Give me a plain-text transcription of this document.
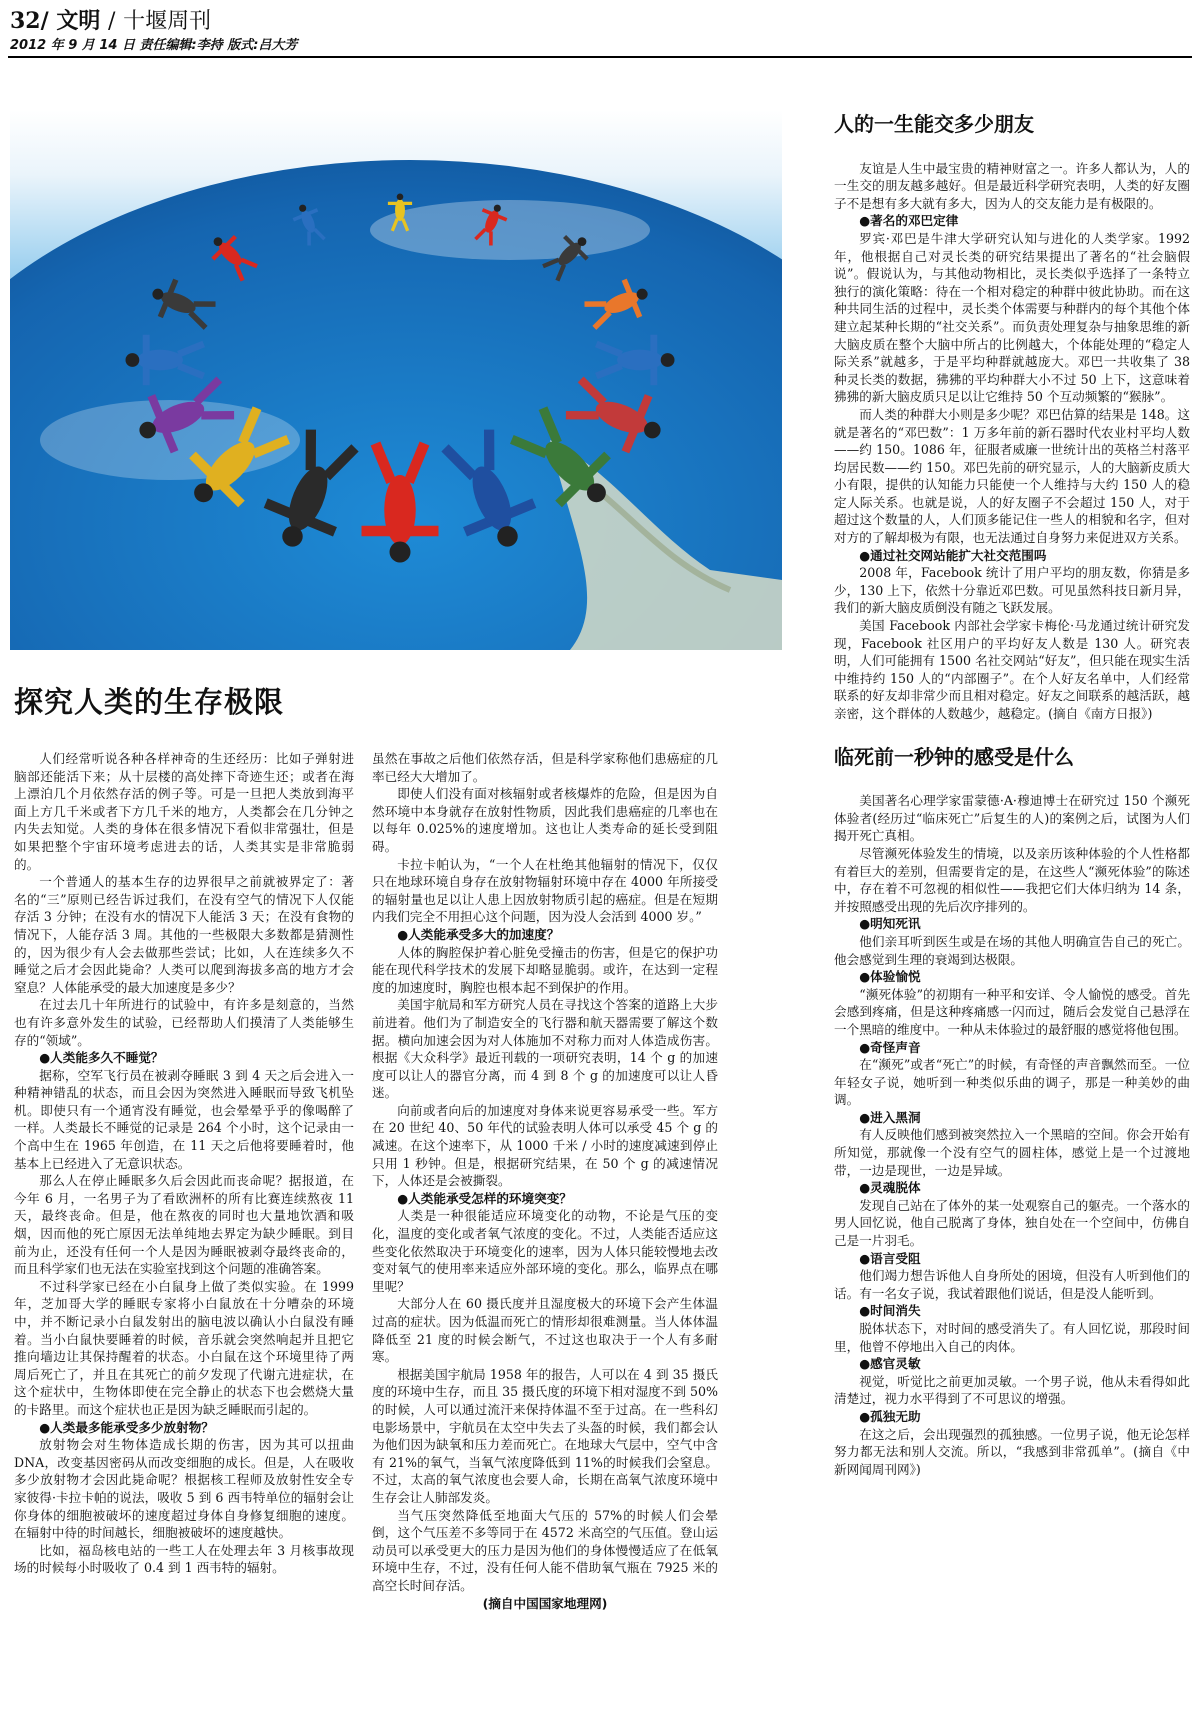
32/ 文明 / 十堰周刊
2012 年 9 月 14 日 责任编辑:李持 版式:吕大芳
探究人类的生存极限

人们经常听说各种各样神奇的生还经历：比如子弹射进脑部还能活下来；从十层楼的高处摔下奇迹生还；或者在海上漂泊几个月依然存活的例子等。可是一旦把人类放到海平面上方几千米或者下方几千米的地方，人类都会在几分钟之内失去知觉。人类的身体在很多情况下看似非常强壮，但是如果把整个宇宙环境考虑进去的话，人类其实是非常脆弱的。

一个普通人的基本生存的边界很早之前就被界定了：著名的“三”原则已经告诉过我们，在没有空气的情况下人仅能存活 3 分钟；在没有水的情况下人能活 3 天；在没有食物的情况下，人能存活 3 周。其他的一些极限大多数都是猜测性的，因为很少有人会去做那些尝试；比如，人在连续多久不睡觉之后才会因此毙命？人类可以爬到海拔多高的地方才会窒息？人体能承受的最大加速度是多少？

在过去几十年所进行的试验中，有许多是刻意的，当然也有许多意外发生的试验，已经帮助人们摸清了人类能够生存的“领域”。

●人类能多久不睡觉？

据称，空军飞行员在被剥夺睡眠 3 到 4 天之后会进入一种精神错乱的状态，而且会因为突然进入睡眠而导致飞机坠机。即使只有一个通宵没有睡觉，也会晕晕乎乎的像喝醉了一样。人类最长不睡觉的记录是 264 个小时，这个记录由一个高中生在 1965 年创造，在 11 天之后他将要睡着时，他基本上已经进入了无意识状态。

那么人在停止睡眠多久后会因此而丧命呢？据报道，在今年 6 月，一名男子为了看欧洲杯的所有比赛连续熬夜 11 天，最终丧命。但是，他在熬夜的同时也大量地饮酒和吸烟，因而他的死亡原因无法单纯地去界定为缺少睡眠。到目前为止，还没有任何一个人是因为睡眠被剥夺最终丧命的，而且科学家们也无法在实验室找到这个问题的准确答案。

不过科学家已经在小白鼠身上做了类似实验。在 1999 年，芝加哥大学的睡眠专家将小白鼠放在十分嘈杂的环境中，并不断记录小白鼠发射出的脑电波以确认小白鼠没有睡着。当小白鼠快要睡着的时候，音乐就会突然响起并且把它推向墙边让其保持醒着的状态。小白鼠在这个环境里待了两周后死亡了，并且在其死亡的前夕发现了代谢亢进症状，在这个症状中，生物体即使在完全静止的状态下也会燃烧大量的卡路里。而这个症状也正是因为缺乏睡眠而引起的。

●人类最多能承受多少放射物？

放射物会对生物体造成长期的伤害，因为其可以扭曲 DNA，改变基因密码从而改变细胞的成长。但是，人在吸收多少放射物才会因此毙命呢？根据核工程师及放射性安全专家彼得·卡拉卡帕的说法，吸收 5 到 6 西韦特单位的辐射会让你身体的细胞被破坏的速度超过身体自身修复细胞的速度。在辐射中待的时间越长，细胞被破坏的速度越快。

比如，福岛核电站的一些工人在处理去年 3 月核事故现场的时候每小时吸收了 0.4 到 1 西韦特的辐射。

虽然在事故之后他们依然存活，但是科学家称他们患癌症的几率已经大大增加了。

即使人们没有面对核辐射或者核爆炸的危险，但是因为自然环境中本身就存在放射性物质，因此我们患癌症的几率也在以每年 0.025%的速度增加。这也让人类寿命的延长受到阻碍。

卡拉卡帕认为，“一个人在杜绝其他辐射的情况下，仅仅只在地球环境自身存在放射物辐射环境中存在 4000 年所接受的辐射量也足以让人患上因放射物质引起的癌症。但是在短期内我们完全不用担心这个问题，因为没人会活到 4000 岁。”

●人类能承受多大的加速度？

人体的胸腔保护着心脏免受撞击的伤害，但是它的保护功能在现代科学技术的发展下却略显脆弱。或许，在达到一定程度的加速度时，胸腔也根本起不到保护的作用。

美国宇航局和军方研究人员在寻找这个答案的道路上大步前进着。他们为了制造安全的飞行器和航天器需要了解这个数据。横向加速会因为对人体施加不对称力而对人体造成伤害。根据《大众科学》最近刊载的一项研究表明，14 个 g 的加速度可以让人的器官分离，而 4 到 8 个 g 的加速度可以让人昏迷。

向前或者向后的加速度对身体来说更容易承受一些。军方在 20 世纪 40、50 年代的试验表明人体可以承受 45 个 g 的减速。在这个速率下，从 1000 千米 / 小时的速度减速到停止只用 1 秒钟。但是，根据研究结果，在 50 个 g 的减速情况下，人体还是会被撕裂。

●人类能承受怎样的环境突变？

人类是一种很能适应环境变化的动物，不论是气压的变化，温度的变化或者氧气浓度的变化。不过，人类能否适应这些变化依然取决于环境变化的速率，因为人体只能较慢地去改变对氧气的使用率来适应外部环境的变化。那么，临界点在哪里呢？

大部分人在 60 摄氏度并且湿度极大的环境下会产生体温过高的症状。因为低温而死亡的情形却很难测量。当人体体温降低至 21 度的时候会断气，不过这也取决于一个人有多耐寒。

根据美国宇航局 1958 年的报告，人可以在 4 到 35 摄氏度的环境中生存，而且 35 摄氏度的环境下相对湿度不到 50%的时候，人可以通过流汗来保持体温不至于过高。在一些科幻电影场景中，宇航员在太空中失去了头盔的时候，我们都会认为他们因为缺氧和压力差而死亡。在地球大气层中，空气中含有 21%的氧气，当氧气浓度降低到 11%的时候我们会窒息。不过，太高的氧气浓度也会要人命，长期在高氧气浓度环境中生存会让人肺部发炎。

当气压突然降低至地面大气压的 57%的时候人们会晕倒，这个气压差不多等同于在 4572 米高空的气压值。登山运动员可以承受更大的压力是因为他们的身体慢慢适应了在低氧环境中生存，不过，没有任何人能不借助氧气瓶在 7925 米的高空长时间存活。

(摘自中国国家地理网)

人的一生能交多少朋友

友谊是人生中最宝贵的精神财富之一。许多人都认为，人的一生交的朋友越多越好。但是最近科学研究表明，人类的好友圈子不是想有多大就有多大，因为人的交友能力是有极限的。

●著名的邓巴定律

罗宾·邓巴是牛津大学研究认知与进化的人类学家。1992 年，他根据自己对灵长类的研究结果提出了著名的“社会脑假说”。假说认为，与其他动物相比，灵长类似乎选择了一条特立独行的演化策略：待在一个相对稳定的种群中彼此协助。而在这种共同生活的过程中，灵长类个体需要与种群内的每个其他个体建立起某种长期的“社交关系”。而负责处理复杂与抽象思维的新大脑皮质在整个大脑中所占的比例越大，个体能处理的“稳定人际关系”就越多，于是平均种群就越庞大。邓巴一共收集了 38 种灵长类的数据，狒狒的平均种群大小不过 50 上下，这意味着狒狒的新大脑皮质只足以让它维持 50 个互动频繁的“猴脉”。

而人类的种群大小则是多少呢？邓巴估算的结果是 148。这就是著名的“邓巴数”：1 万多年前的新石器时代农业村平均人数——约 150。1086 年，征服者威廉一世统计出的英格兰村落平均居民数——约 150。邓巴先前的研究显示，人的大脑新皮质大小有限，提供的认知能力只能使一个人维持与大约 150 人的稳定人际关系。也就是说，人的好友圈子不会超过 150 人，对于超过这个数量的人，人们顶多能记住一些人的相貌和名字，但对对方的了解却极为有限，也无法通过自身努力来促进双方关系。

●通过社交网站能扩大社交范围吗

2008 年，Facebook 统计了用户平均的朋友数，你猜是多少，130 上下，依然十分靠近邓巴数。可见虽然科技日新月异，我们的新大脑皮质倒没有随之飞跃发展。

美国 Facebook 内部社会学家卡梅伦·马龙通过统计研究发现，Facebook 社区用户的平均好友人数是 130 人。研究表明，人们可能拥有 1500 名社交网站“好友”，但只能在现实生活中维持约 150 人的“内部圈子”。在个人好友名单中，人们经常联系的好友却非常少而且相对稳定。好友之间联系的越活跃，越亲密，这个群体的人数越少，越稳定。(摘自《南方日报》)

临死前一秒钟的感受是什么

美国著名心理学家雷蒙德·A·穆迪博士在研究过 150 个濒死体验者(经历过“临床死亡”后复生的人)的案例之后，试图为人们揭开死亡真相。

尽管濒死体验发生的情境，以及亲历该种体验的个人性格都有着巨大的差别，但需要肯定的是，在这些人“濒死体验”的陈述中，存在着不可忽视的相似性——我把它们大体归纳为 14 条，并按照感受出现的先后次序排列的。

●明知死讯

他们亲耳听到医生或是在场的其他人明确宣告自己的死亡。他会感觉到生理的衰竭到达极限。

●体验愉悦

“濒死体验”的初期有一种平和安详、令人愉悦的感受。首先会感到疼痛，但是这种疼痛感一闪而过，随后会发觉自己悬浮在一个黑暗的维度中。一种从未体验过的最舒服的感觉将他包围。

●奇怪声音

在“濒死”或者“死亡”的时候，有奇怪的声音飘然而至。一位年轻女子说，她听到一种类似乐曲的调子，那是一种美妙的曲调。

●进入黑洞

有人反映他们感到被突然拉入一个黑暗的空间。你会开始有所知觉，那就像一个没有空气的圆柱体，感觉上是一个过渡地带，一边是现世，一边是异域。

●灵魂脱体

发现自己站在了体外的某一处观察自己的躯壳。一个落水的男人回忆说，他自己脱离了身体，独自处在一个空间中，仿佛自己是一片羽毛。

●语言受阻

他们竭力想告诉他人自身所处的困境，但没有人听到他们的话。有一名女子说，我试着跟他们说话，但是没人能听到。

●时间消失

脱体状态下，对时间的感受消失了。有人回忆说，那段时间里，他曾不停地出入自己的肉体。

●感官灵敏

视觉，听觉比之前更加灵敏。一个男子说，他从未看得如此清楚过，视力水平得到了不可思议的增强。

●孤独无助

在这之后，会出现强烈的孤独感。一位男子说，他无论怎样努力都无法和别人交流。所以，“我感到非常孤单”。(摘自《中新网闻周刊网》)
